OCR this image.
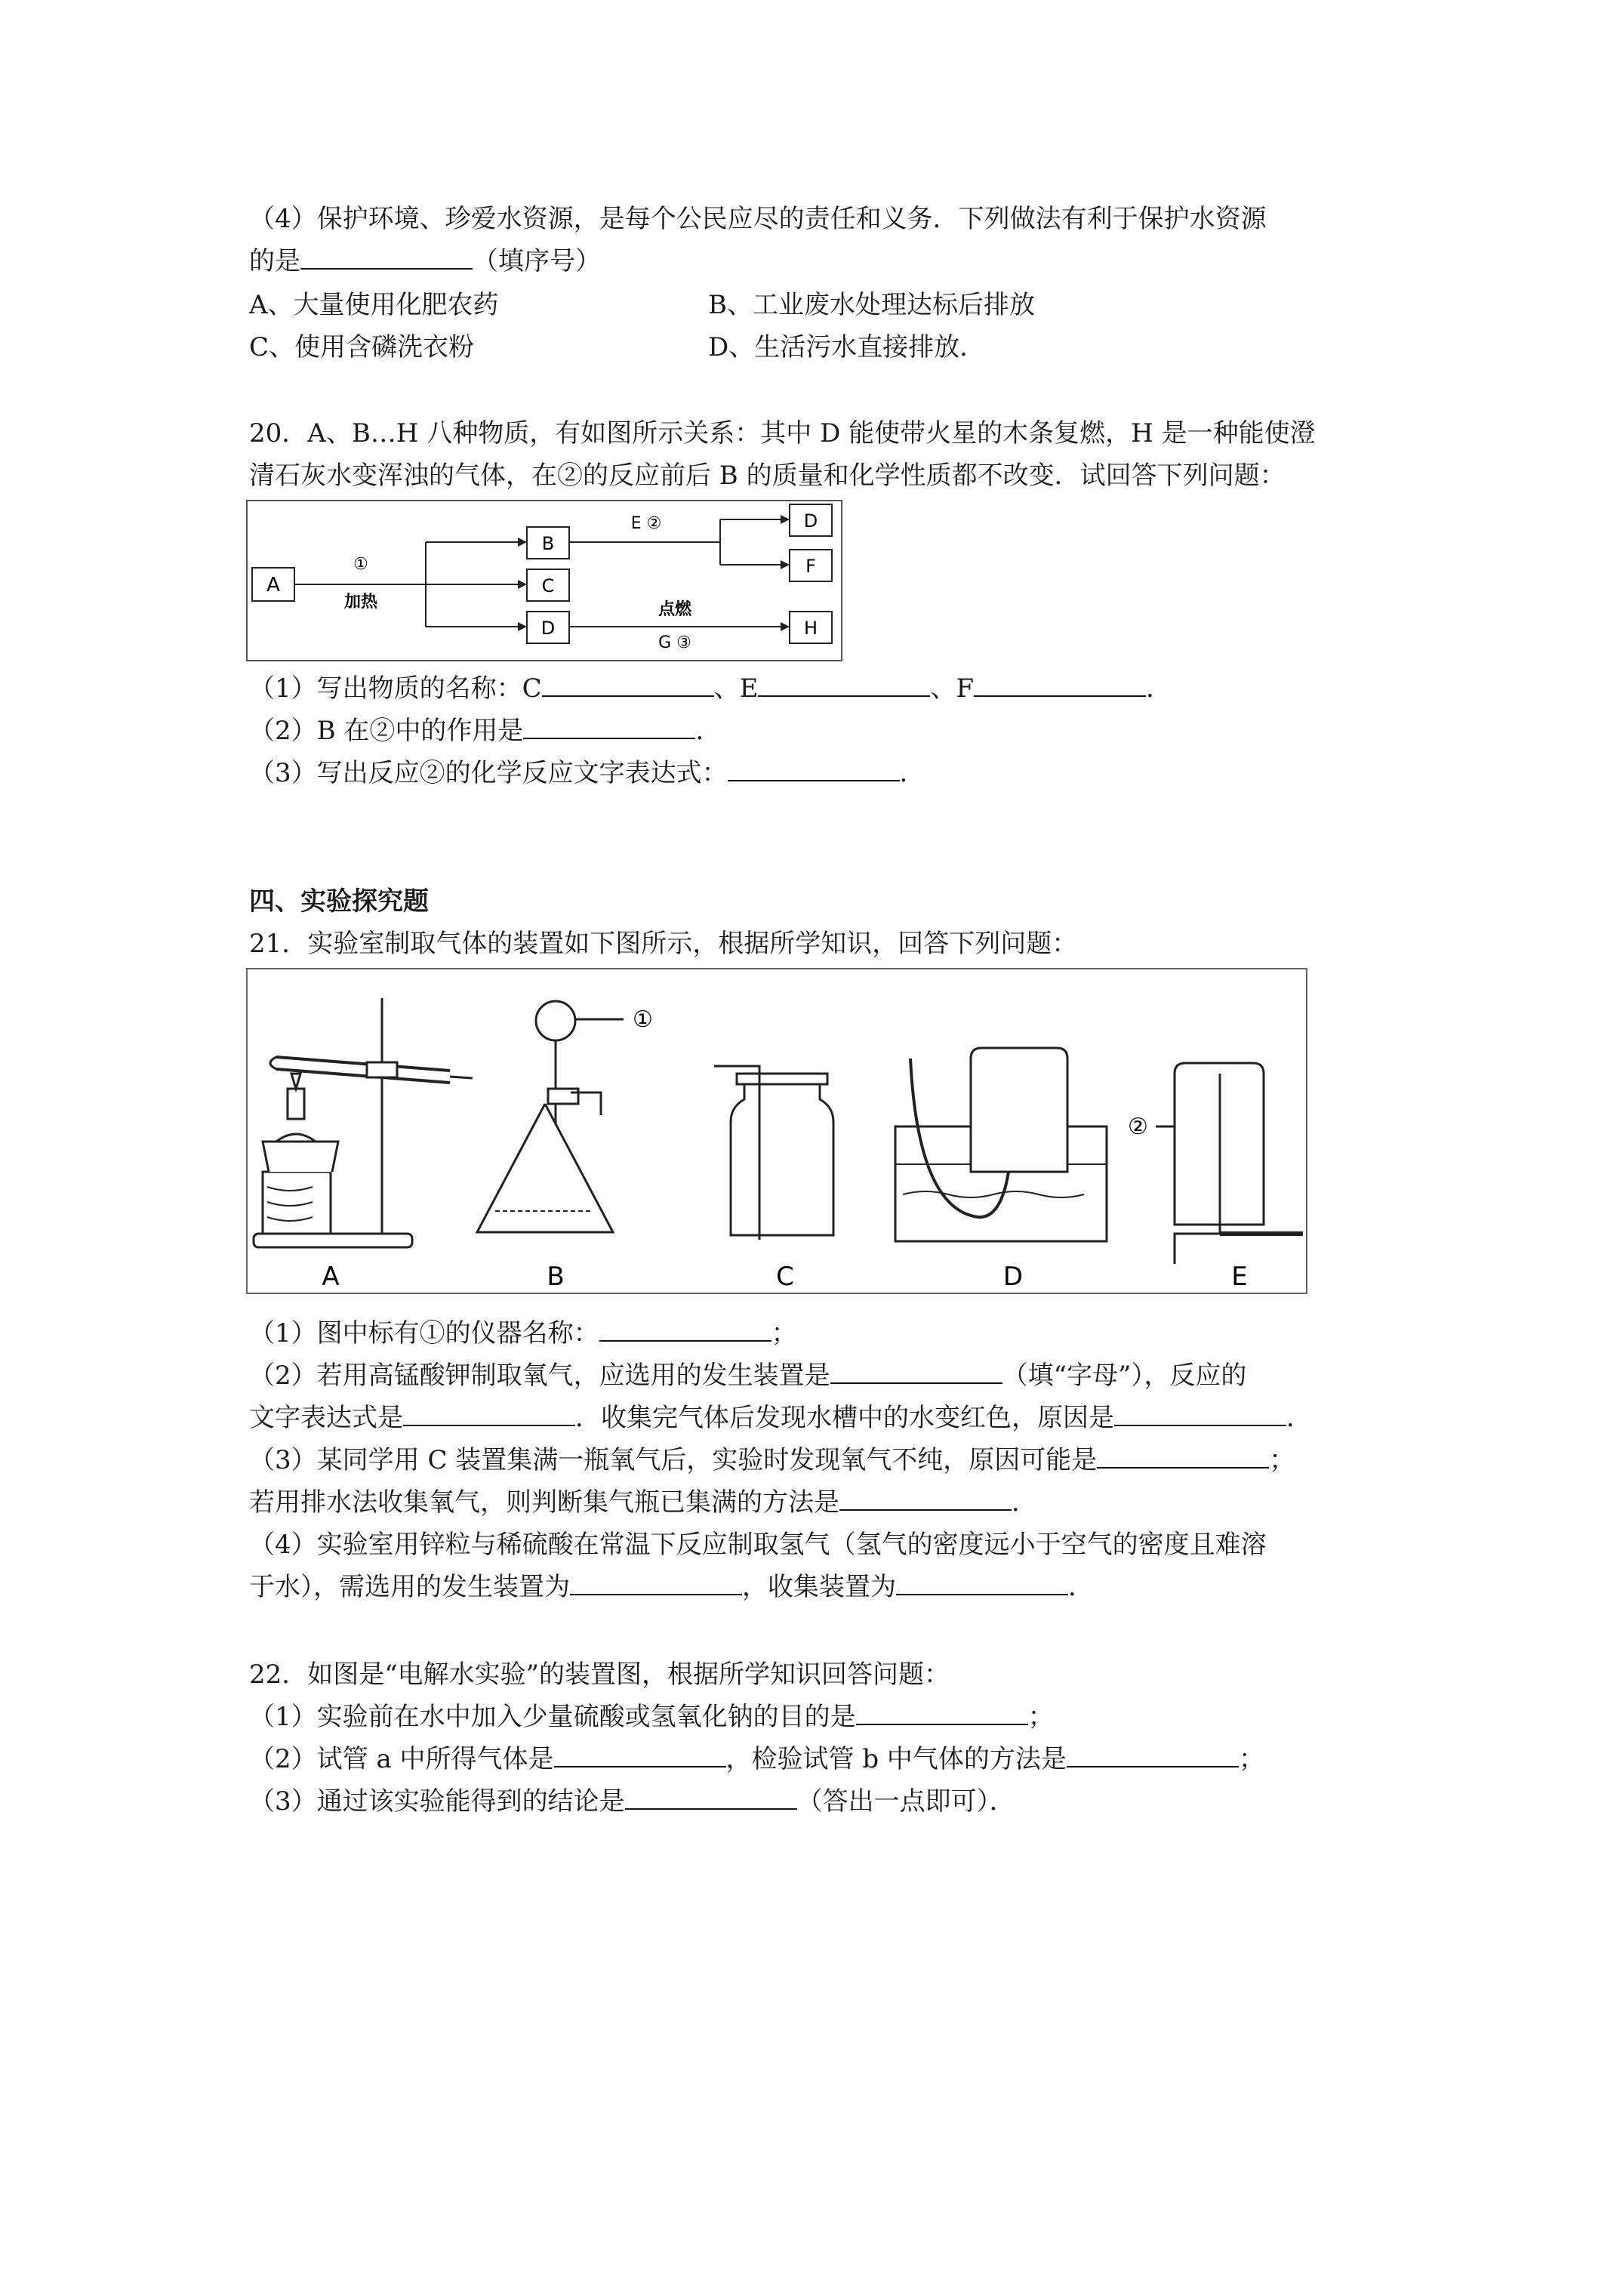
（4）保护环境、珍爱水资源，是每个公民应尽的责任和义务．下列做法有利于保护水资源
的是	（填序号）
A、大量使用化肥农药	B、工业废水处理达标后排放
C、使用含磷洗衣粉	D、生活污水直接排放．
20．A、B…H 八种物质，有如图所示关系：其中 D 能使带火星的木条复燃，H 是一种能使澄
清石灰水变浑浊的气体，在②的反应前后 B 的质量和化学性质都不改变．试回答下列问题：
A
①
加热
B
C
D
E ②	D
F
点燃
G ③
H
（1）写出物质的名称：C	、E	、F	．
（2）B 在②中的作用是	．
（3）写出反应②的化学反应文字表达式：	．
四、实验探究题
21．实验室制取气体的装置如下图所示，根据所学知识，回答下列问题：
①
②
A	B	C	D	E
（1）图中标有①的仪器名称：	；
（2）若用高锰酸钾制取氧气，应选用的发生装置是	（填“字母”），反应的
文字表达式是	．收集完气体后发现水槽中的水变红色，原因是	．
（3）某同学用 C 装置集满一瓶氧气后，实验时发现氧气不纯，原因可能是	；
若用排水法收集氧气，则判断集气瓶已集满的方法是	．
（4）实验室用锌粒与稀硫酸在常温下反应制取氢气（氢气的密度远小于空气的密度且难溶
于水），需选用的发生装置为	，收集装置为	．
22．如图是“电解水实验”的装置图，根据所学知识回答问题：
（1）实验前在水中加入少量硫酸或氢氧化钠的目的是	；
（2）试管 a 中所得气体是	，检验试管 b 中气体的方法是	；
（3）通过该实验能得到的结论是	（答出一点即可）．
